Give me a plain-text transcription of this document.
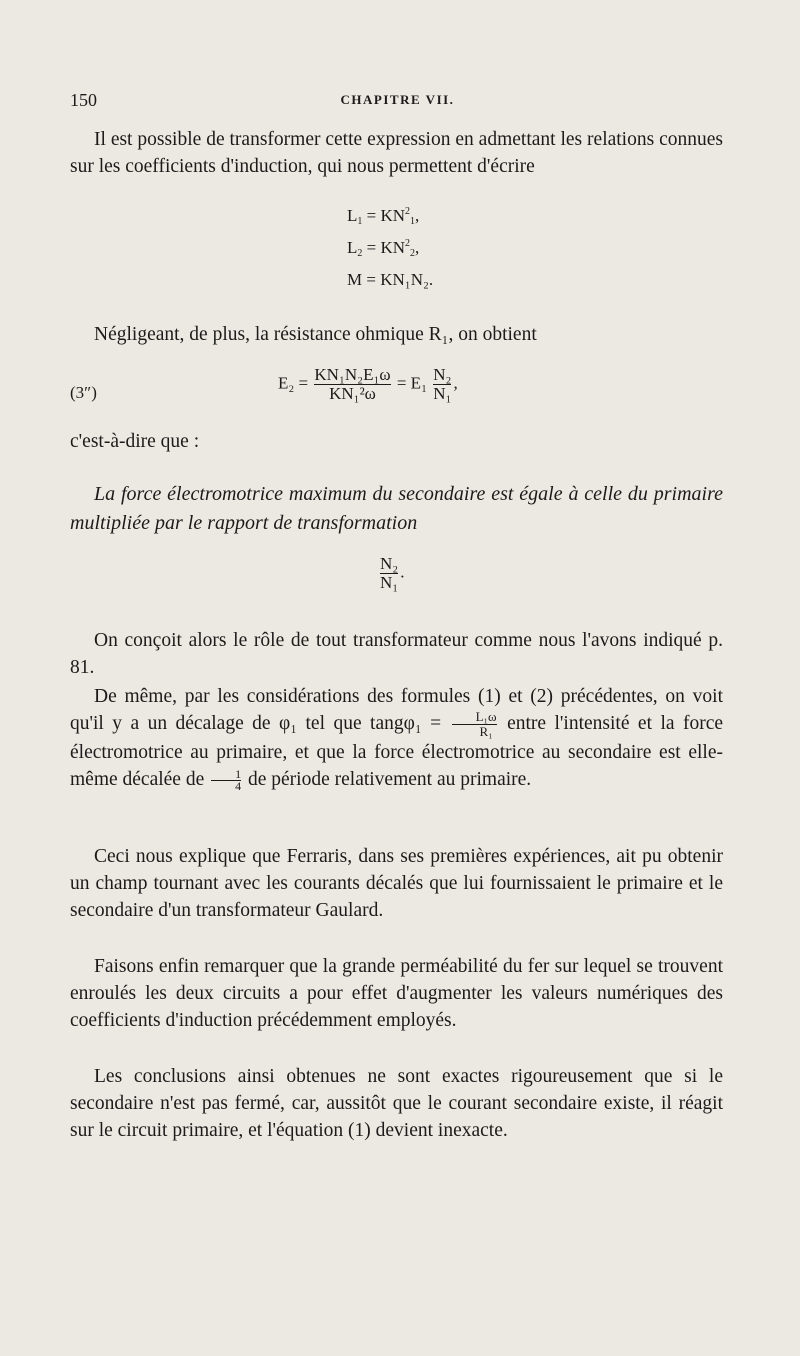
150	CHAPITRE VII.

Il est possible de transformer cette expression en admettant les relations connues sur les coefficients d'induction, qui nous permettent d'écrire

$L_1 = KN^2_1$,
$L_2 = KN^2_2$,
M = KN₁N₂.

Négligeant, de plus, la résistance ohmique R₁, on obtient

(3″)
$E_2 = \frac{\text{KN₁N₂E₁ω}}{\text{KN₁²ω}} = E_1 \frac{\text{N₂}}{\text{N₁}}$ ,

c'est-à-dire que :

La force électromotrice maximum du secondaire est égale à celle du primaire multipliée par le rapport de transformation

$\frac{\text{N₂}}{\text{N₁}}$ .

On conçoit alors le rôle de tout transformateur comme nous l'avons indiqué p. 81.

De même, par les considérations des formules (1) et (2) précédentes, on voit qu'il y a un décalage de φ₁ tel que $\tan g\varphi_1 = \frac{\text{L₁ω}}{\text{R₁}}$ entre l'intensité et la force électromotrice au primaire, et que la force électromotrice au secondaire est elle-même décalée de $\frac{1}{4}$ de période relativement au primaire.

Ceci nous explique que Ferraris, dans ses premières expériences, ait pu obtenir un champ tournant avec les courants décalés que lui fournissaient le primaire et le secondaire d'un transformateur Gaulard.

Faisons enfin remarquer que la grande perméabilité du fer sur lequel se trouvent enroulés les deux circuits a pour effet d'augmenter les valeurs numériques des coefficients d'induction précédemment employés.

Les conclusions ainsi obtenues ne sont exactes rigoureusement que si le secondaire n'est pas fermé, car, aussitôt que le courant secondaire existe, il réagit sur le circuit primaire, et l'équation (1) devient inexacte.
